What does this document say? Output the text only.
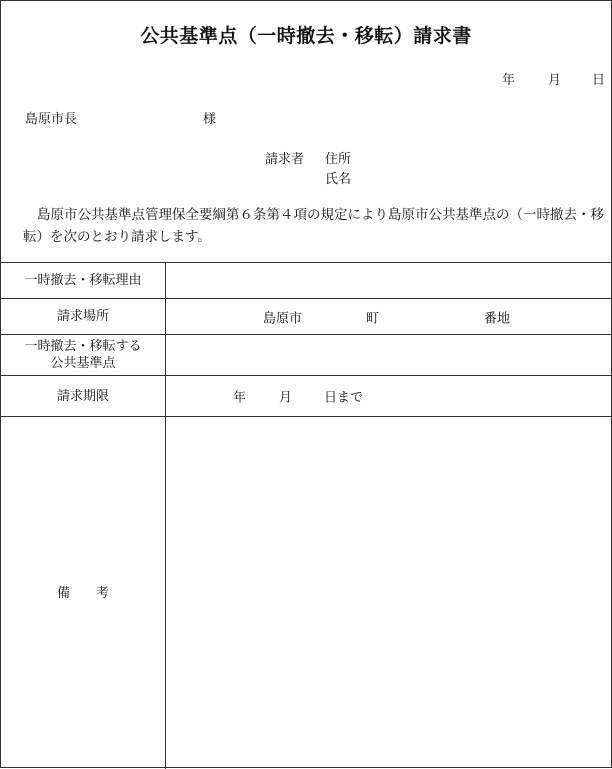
公共基準点（一時撤去・移転）請求書
年	月 日
島原市長	様
請求者 住所
氏名
島原市公共基準点管理保全要綱第６条第４項の規定により島原市公共基準点の（一時撤去・移転）を次のとおり請求します。
一時撤去・移転理由
請求場所	島原市	町	番地
一時撤去・移転する
公共基準点
請求期限	年	月 日まで
備　　考
